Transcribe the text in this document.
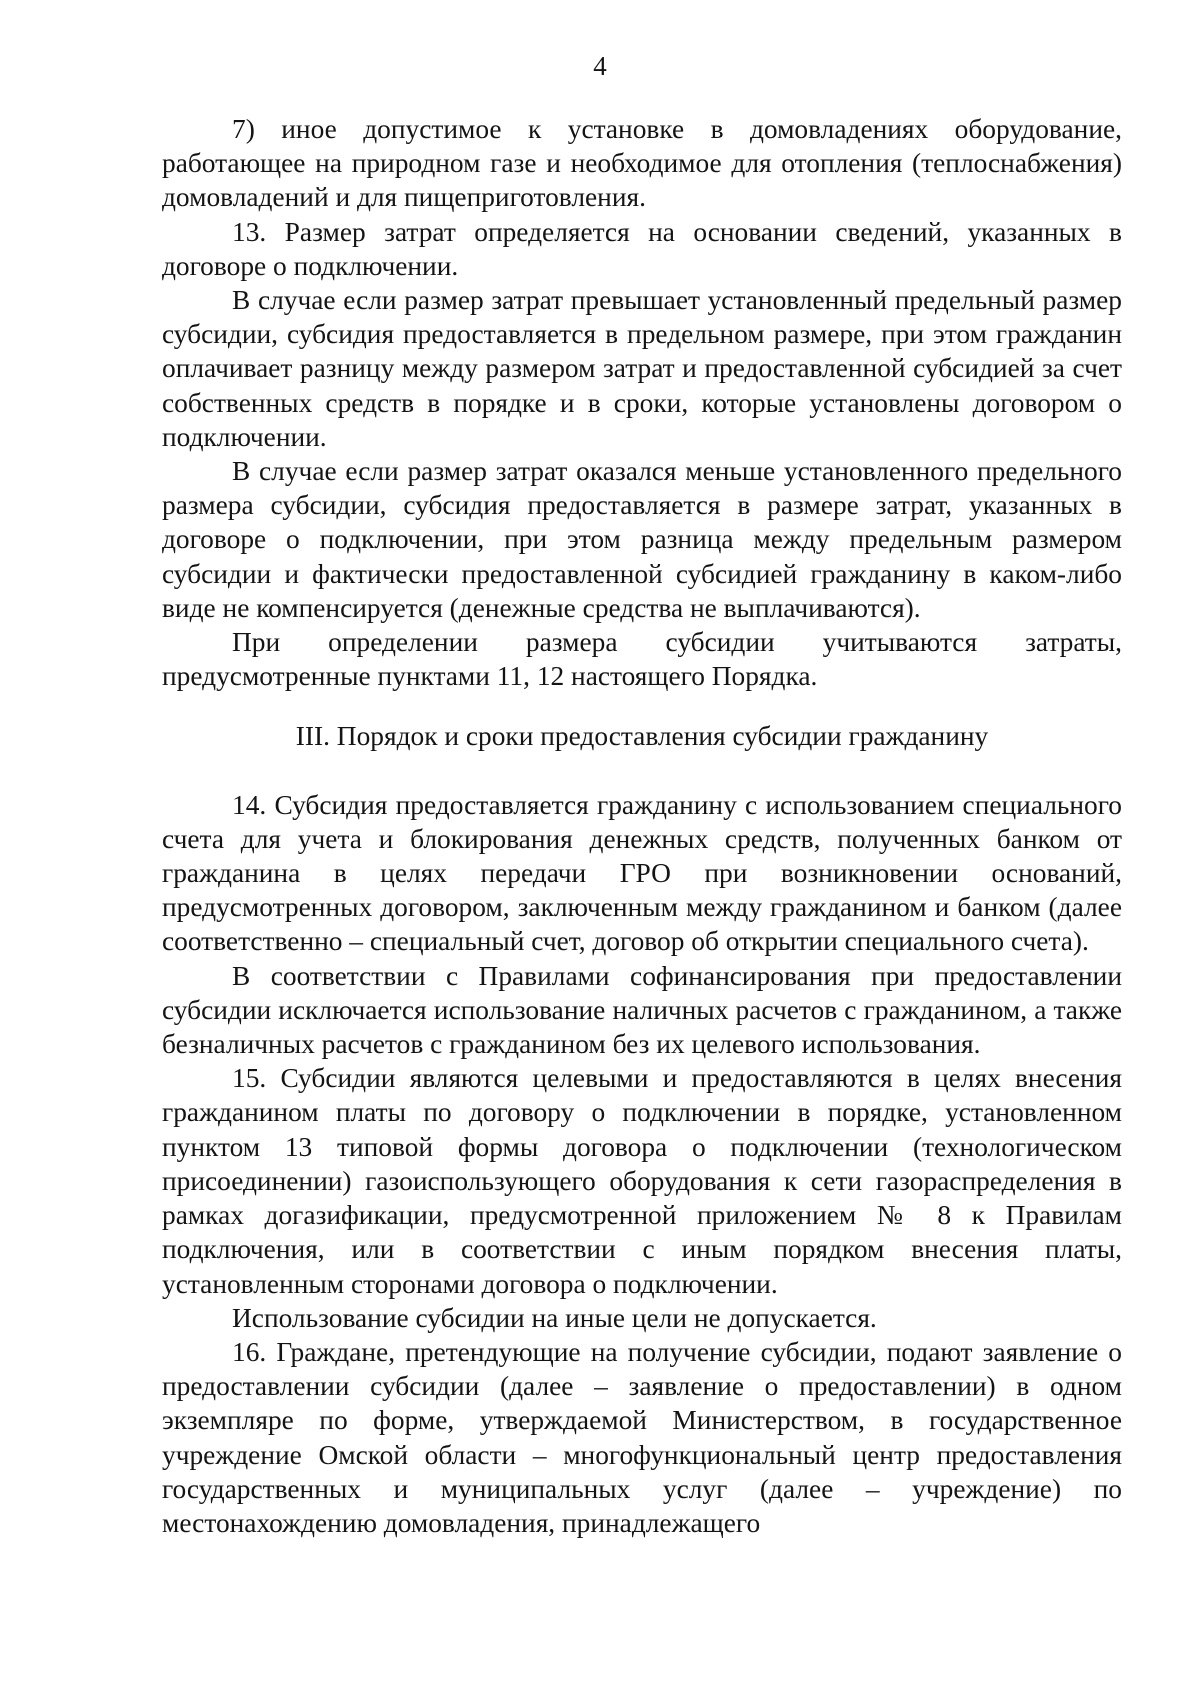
4

7) иное допустимое к установке в домовладениях оборудование, работающее на природном газе и необходимое для отопления (теплоснабжения) домовладений и для пищеприготовления.

13. Размер затрат определяется на основании сведений, указанных в договоре о подключении.

В случае если размер затрат превышает установленный предельный размер субсидии, субсидия предоставляется в предельном размере, при этом гражданин оплачивает разницу между размером затрат и предоставленной субсидией за счет собственных средств в порядке и в сроки, которые установлены договором о подключении.

В случае если размер затрат оказался меньше установленного предельного размера субсидии, субсидия предоставляется в размере затрат, указанных в договоре о подключении, при этом разница между предельным размером субсидии и фактически предоставленной субсидией гражданину в каком-либо виде не компенсируется (денежные средства не выплачиваются).

При определении размера субсидии учитываются затраты, предусмотренные пунктами 11, 12 настоящего Порядка.

III. Порядок и сроки предоставления субсидии гражданину

14. Субсидия предоставляется гражданину с использованием специального счета для учета и блокирования денежных средств, полученных банком от гражданина в целях передачи ГРО при возникновении оснований, предусмотренных договором, заключенным между гражданином и банком (далее соответственно – специальный счет, договор об открытии специального счета).

В соответствии с Правилами софинансирования при предоставлении субсидии исключается использование наличных расчетов с гражданином, а также безналичных расчетов с гражданином без их целевого использования.

15. Субсидии являются целевыми и предоставляются в целях внесения гражданином платы по договору о подключении в порядке, установленном пунктом 13 типовой формы договора о подключении (технологическом присоединении) газоиспользующего оборудования к сети газораспределения в рамках догазификации, предусмотренной приложением № 8 к Правилам подключения, или в соответствии с иным порядком внесения платы, установленным сторонами договора о подключении.

Использование субсидии на иные цели не допускается.

16. Граждане, претендующие на получение субсидии, подают заявление о предоставлении субсидии (далее – заявление о предоставлении) в одном экземпляре по форме, утверждаемой Министерством, в государственное учреждение Омской области – многофункциональный центр предоставления государственных и муниципальных услуг (далее – учреждение) по местонахождению домовладения, принадлежащего
